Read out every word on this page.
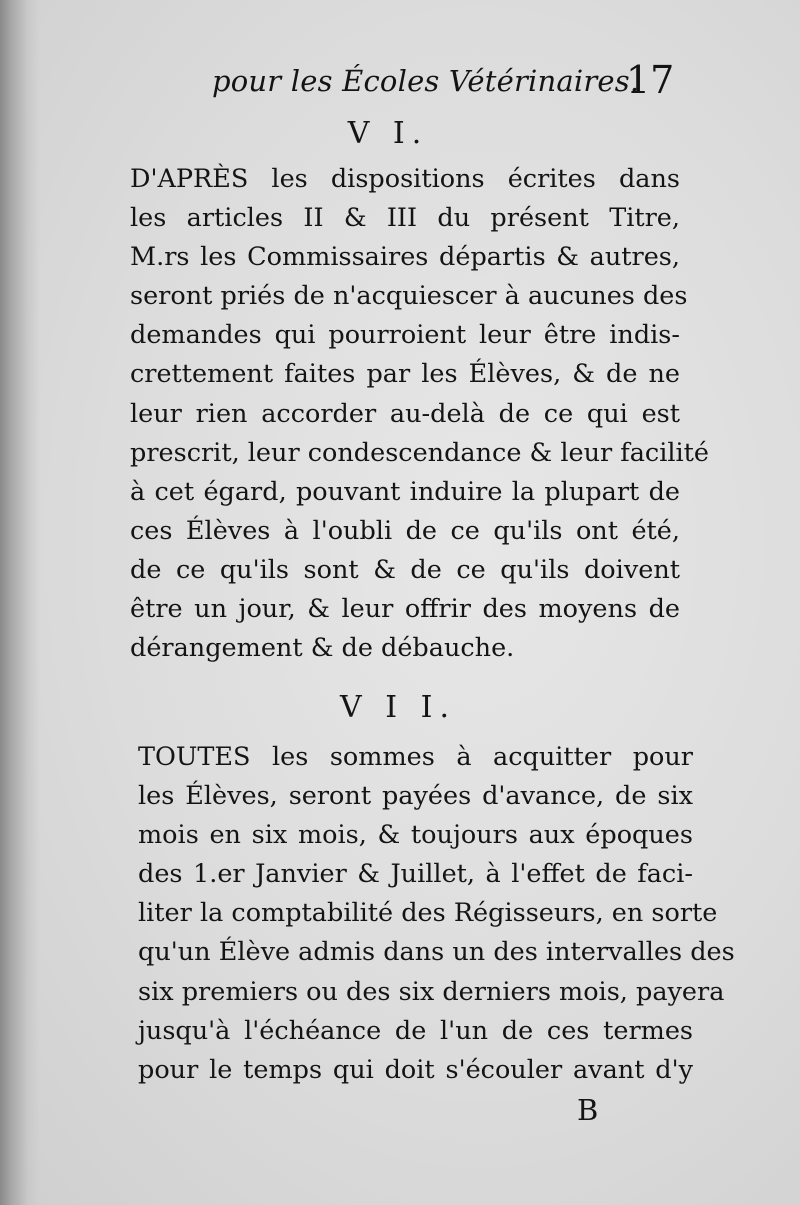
pour les Écoles Vétérinaires.
17
V I.
D'APRÈS les dispositions écrites dans
les articles II & III du présent Titre,
M.rs les Commissaires départis & autres,
seront priés de n'acquiescer à aucunes des
demandes qui pourroient leur être indis-
crettement faites par les Élèves, & de ne
leur rien accorder au-delà de ce qui est
prescrit, leur condescendance & leur facilité
à cet égard, pouvant induire la plupart de
ces Élèves à l'oubli de ce qu'ils ont été,
de ce qu'ils sont & de ce qu'ils doivent
être un jour, & leur offrir des moyens de
dérangement & de débauche.
V I I.
TOUTES les sommes à acquitter pour
les Élèves, seront payées d'avance, de six
mois en six mois, & toujours aux époques
des 1.er Janvier & Juillet, à l'effet de faci-
liter la comptabilité des Régisseurs, en sorte
qu'un Élève admis dans un des intervalles des
six premiers ou des six derniers mois, payera
jusqu'à l'échéance de l'un de ces termes
pour le temps qui doit s'écouler avant d'y
B
